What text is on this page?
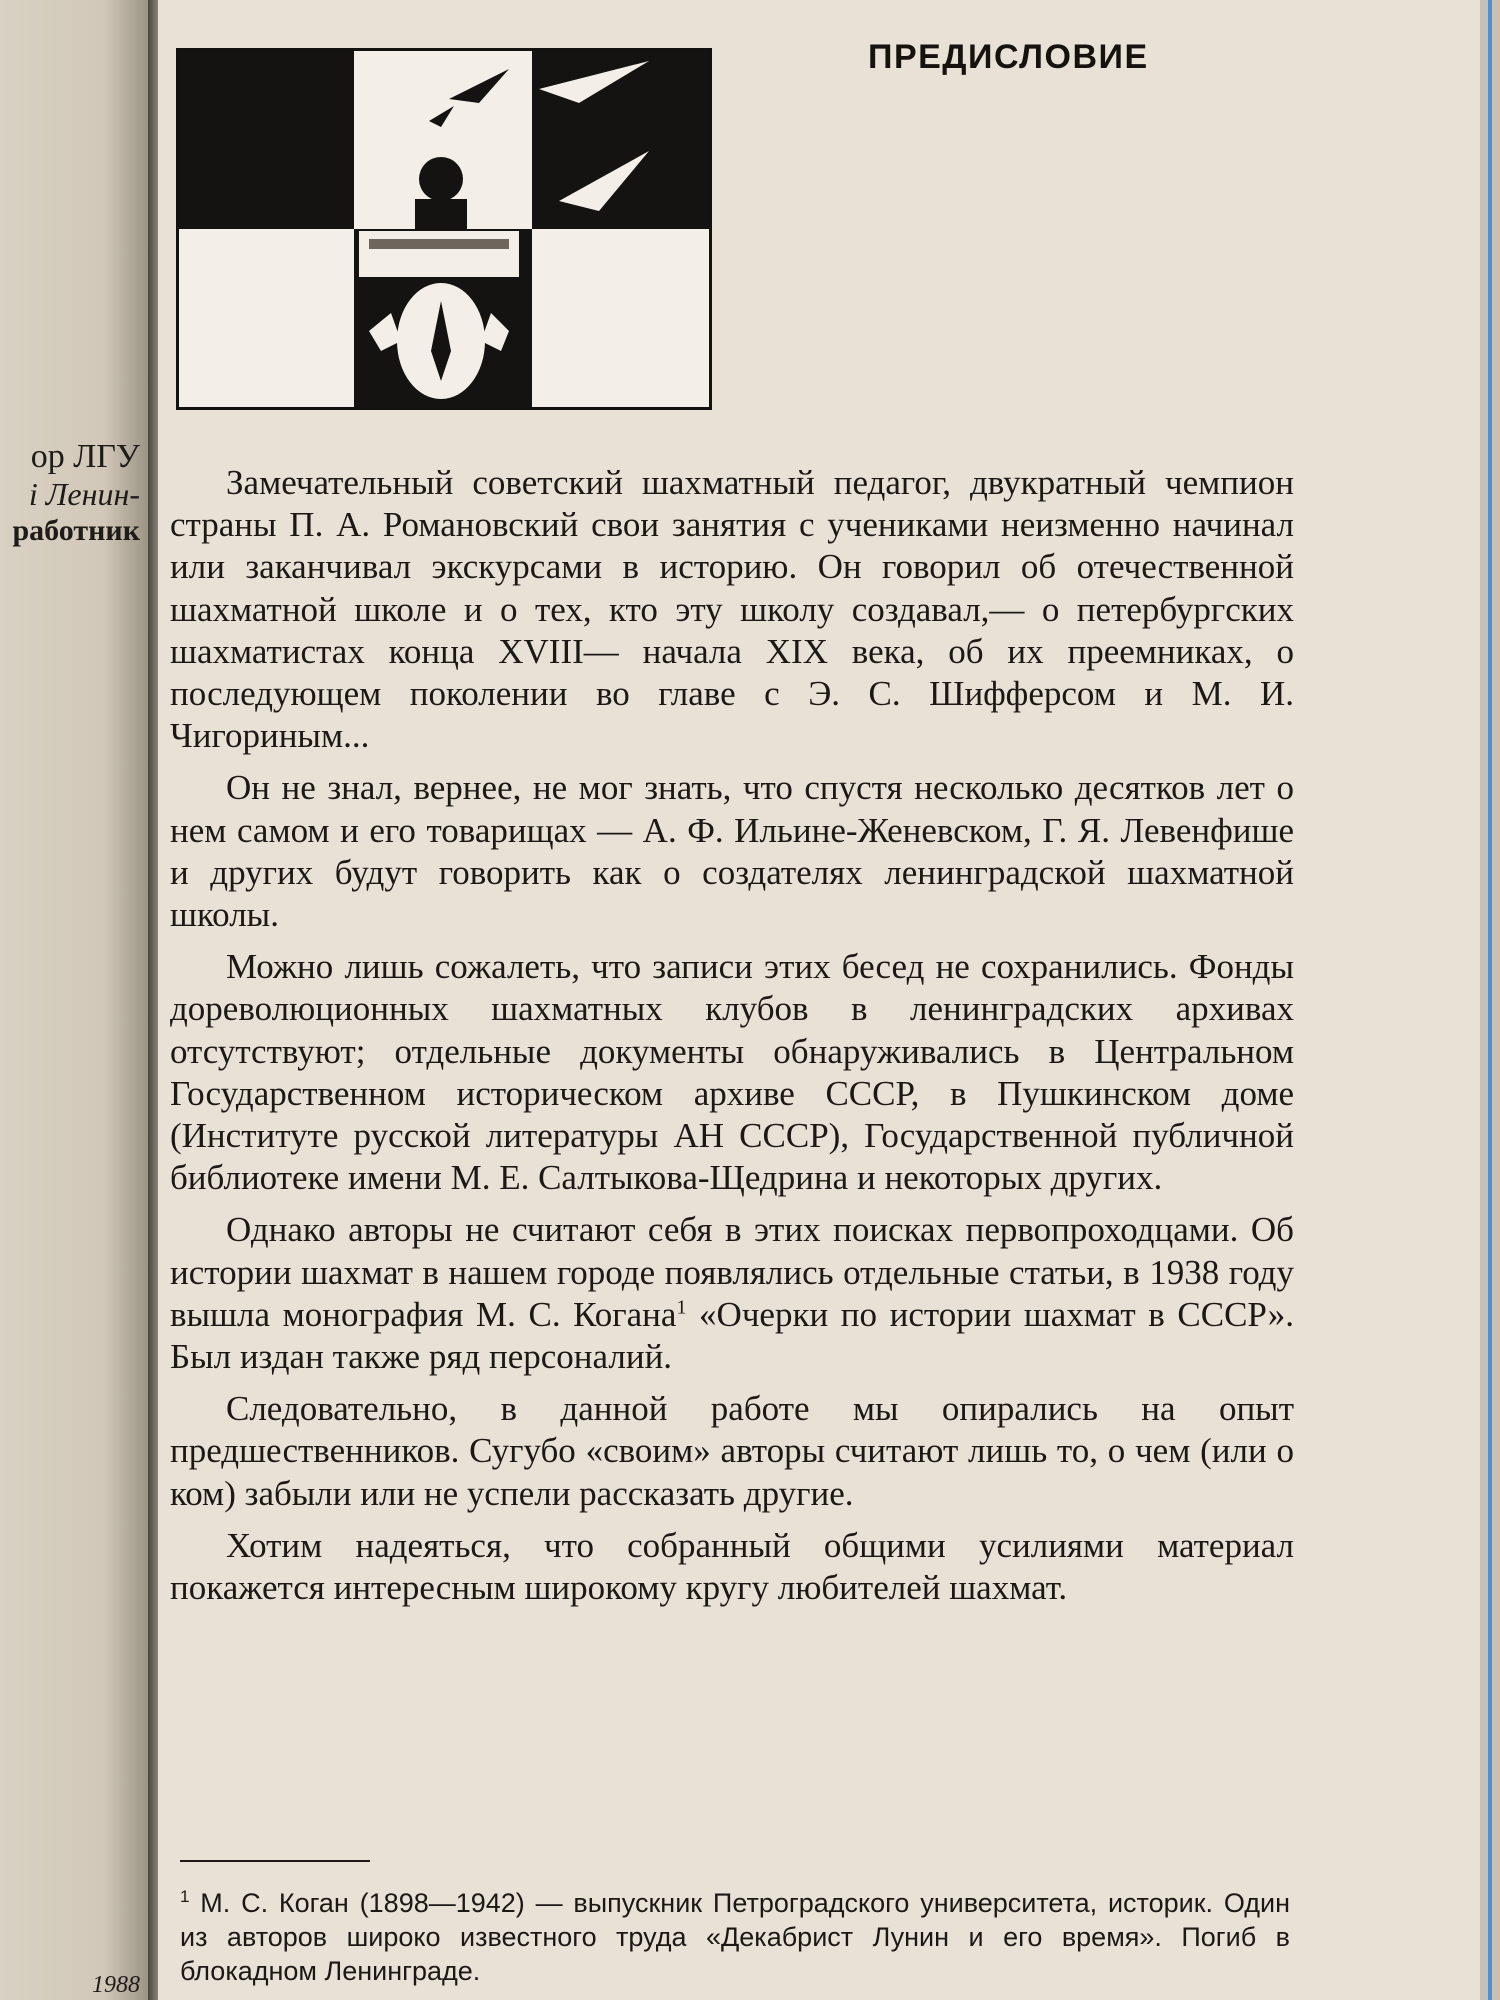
ор ЛГУ
і Ленин-
работник
1988
ПРЕДИСЛОВИЕ

Замечательный советский шахматный педагог, двукратный чемпион страны П. А. Романовский свои занятия с учениками неизменно начинал или заканчивал экскурсами в историю. Он говорил об отечественной шахматной школе и о тех, кто эту школу создавал,— о петербургских шахматистах конца XVIII— начала XIX века, об их преемниках, о последующем поколении во главе с Э. С. Шифферсом и М. И. Чигориным...

Он не знал, вернее, не мог знать, что спустя несколько десятков лет о нем самом и его товарищах — А. Ф. Ильине-Женевском, Г. Я. Левенфише и других будут говорить как о создателях ленинградской шахматной школы.

Можно лишь сожалеть, что записи этих бесед не сохранились. Фонды дореволюционных шахматных клубов в ленинградских архивах отсутствуют; отдельные документы обнаруживались в Центральном Государственном историческом архиве СССР, в Пушкинском доме (Институте русской литературы АН СССР), Государственной публичной библиотеке имени М. Е. Салтыкова-Щедрина и некоторых других.

Однако авторы не считают себя в этих поисках первопроходцами. Об истории шахмат в нашем городе появлялись отдельные статьи, в 1938 году вышла монография М. С. Когана$^1$ «Очерки по истории шахмат в СССР». Был издан также ряд персоналий.

Следовательно, в данной работе мы опирались на опыт предшественников. Сугубо «своим» авторы считают лишь то, о чем (или о ком) забыли или не успели рассказать другие.

Хотим надеяться, что собранный общими усилиями материал покажется интересным широкому кругу любителей шахмат.

$^1$ М. С. Коган (1898—1942) — выпускник Петроградского университета, историк. Один из авторов широко известного труда «Декабрист Лунин и его время». Погиб в блокадном Ленинграде.
